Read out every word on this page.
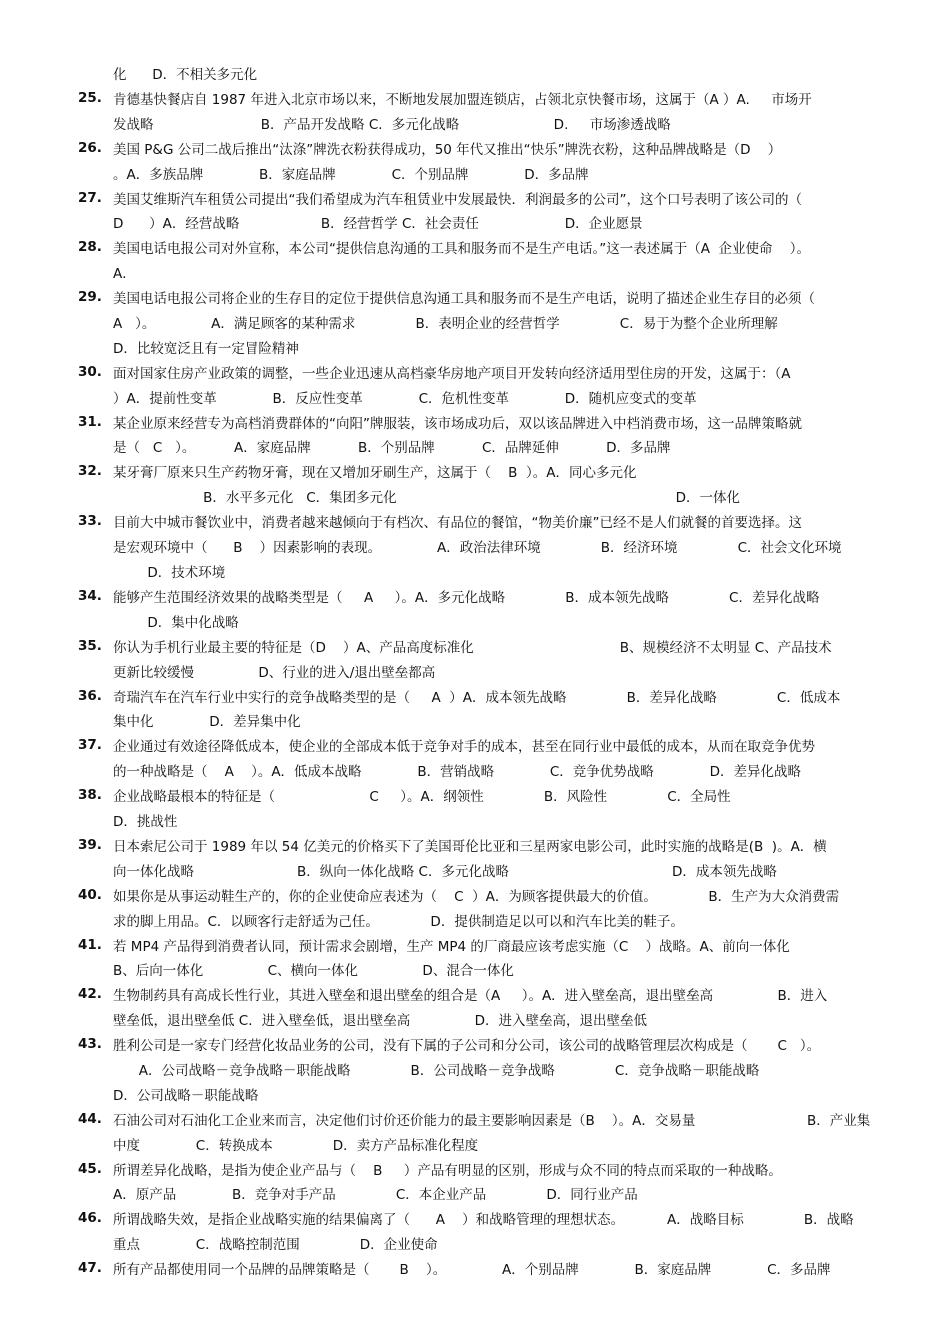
化      D．不相关多元化
25. 肯德基快餐店自 1987 年进入北京市场以来，不断地发展加盟连锁店，占领北京快餐市场，这属于（A ）A.     市场开
发战略                         B．产品开发战略 C．多元化战略                      D.     市场渗透战略
26. 美国 P&G 公司二战后推出“汰涤”牌洗衣粉获得成功，50 年代又推出“快乐”牌洗衣粉，这种品牌战略是（D    ）
。A．多族品牌             B．家庭品牌             C．个别品牌             D．多品牌
27. 美国艾维斯汽车租赁公司提出“我们希望成为汽车租赁业中发展最快．利润最多的公司”，这个口号表明了该公司的（
D      ）A．经营战略                   B．经营哲学 C．社会责任                    D．企业愿景
28. 美国电话电报公司对外宣称，本公司“提供信息沟通的工具和服务而不是生产电话。”这一表述属于（A  企业使命    ）。
A．
29. 美国电话电报公司将企业的生存目的定位于提供信息沟通工具和服务而不是生产电话，说明了描述企业生存目的必须（
A   ）。             A．满足顾客的某种需求              B．表明企业的经营哲学              C．易于为整个企业所理解
D．比较宽泛且有一定冒险精神
30. 面对国家住房产业政策的调整，一些企业迅速从高档豪华房地产项目开发转向经济适用型住房的开发，这属于：（A
）A．提前性变革             B．反应性变革             C．危机性变革             D．随机应变式的变革
31. 某企业原来经营专为高档消费群体的“向阳”牌服装，该市场成功后，双以该品牌进入中档消费市场，这一品牌策略就
是（   C   ）。         A．家庭品牌           B．个别品牌           C．品牌延伸           D．多品牌
32. 某牙膏厂原来只生产药物牙膏，现在又增加牙刷生产，这属于（    B  ）。A．同心多元化
B．水平多元化   C．集团多元化                                                                 D．一体化
33. 目前大中城市餐饮业中，消费者越来越倾向于有档次、有品位的餐馆，“物美价廉”已经不是人们就餐的首要选择。这
是宏观环境中（      B    ）因素影响的表现。             A．政治法律环境              B．经济环境              C．社会文化环境
D．技术环境
34. 能够产生范围经济效果的战略类型是（     A     ）。A．多元化战略              B．成本领先战略              C．差异化战略
D．集中化战略
35. 你认为手机行业最主要的特征是（D    ）A、产品高度标准化                                  B、规模经济不太明显 C、产品技术
更新比较缓慢               D、行业的进入/退出壁垒都高
36. 奇瑞汽车在汽车行业中实行的竞争战略类型的是（     A  ）A．成本领先战略              B．差异化战略              C．低成本
集中化             D．差异集中化
37. 企业通过有效途径降低成本，使企业的全部成本低于竞争对手的成本，甚至在同行业中最低的成本，从而在取竞争优势
的一种战略是（    A    ）。A．低成本战略             B．营销战略             C．竞争优势战略             D．差异化战略
38. 企业战略最根本的特征是（                      C     ）。A．纲领性              B．风险性              C．全局性
D．挑战性
39. 日本索尼公司于 1989 年以 54 亿美元的价格买下了美国哥伦比亚和三星两家电影公司，此时实施的战略是(B  )。A．横
向一体化战略                        B．纵向一体化战略 C．多元化战略                                      D．成本领先战略
40. 如果你是从事运动鞋生产的，你的企业使命应表述为（    C  ）A．为顾客提供最大的价值。            B．生产为大众消费需
求的脚上用品。C．以顾客行走舒适为己任。            D．提供制造足以可以和汽车比美的鞋子。
41. 若 MP4 产品得到消费者认同，预计需求会剧增，生产 MP4 的厂商最应该考虑实施（C    ）战略。A、前向一体化
B、后向一体化               C、横向一体化               D、混合一体化
42. 生物制药具有高成长性行业，其进入壁垒和退出壁垒的组合是（A     ）。A．进入壁垒高，退出壁垒高               B．进入
壁垒低，退出壁垒低 C．进入壁垒低，退出壁垒高               D．进入壁垒高，退出壁垒低
43. 胜利公司是一家专门经营化妆品业务的公司，没有下属的子公司和分公司，该公司的战略管理层次构成是（       C   ）。
A．公司战略－竞争战略－职能战略              B．公司战略－竞争战略              C．竞争战略－职能战略
D．公司战略－职能战略
44. 石油公司对石油化工企业来而言，决定他们讨价还价能力的最主要影响因素是（B    ）。A．交易量                          B．产业集
中度             C．转换成本              D．卖方产品标准化程度
45. 所谓差异化战略，是指为使企业产品与（    B     ）产品有明显的区别，形成与众不同的特点而采取的一种战略。
A．原产品             B．竞争对手产品              C．本企业产品              D．同行业产品
46. 所谓战略失效，是指企业战略实施的结果偏离了（      A    ）和战略管理的理想状态。          A．战略目标              B．战略
重点             C．战略控制范围              D．企业使命
47. 所有产品都使用同一个品牌的品牌策略是（       B    ）。             A．个别品牌             B．家庭品牌             C．多品牌
